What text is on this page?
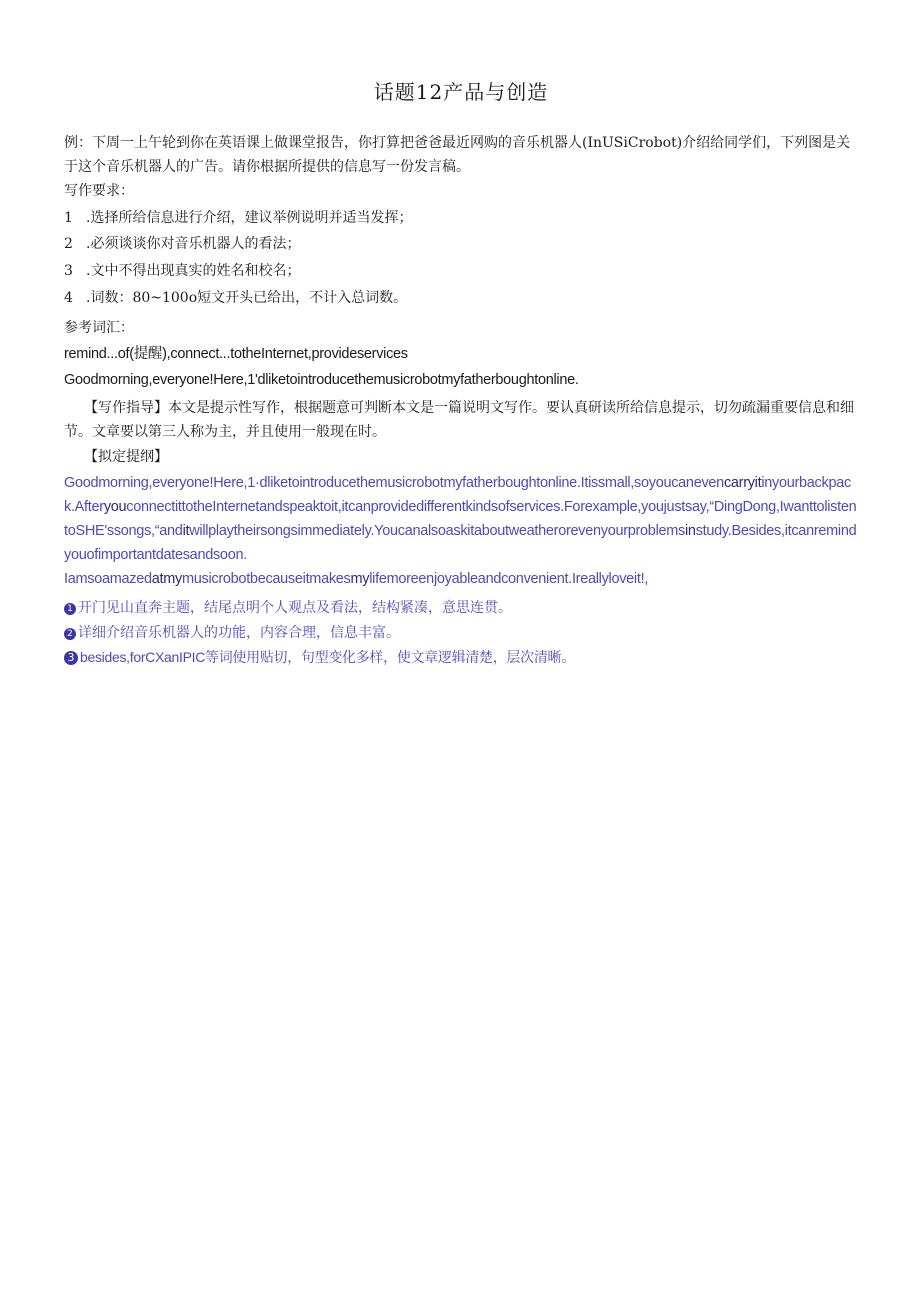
话题12产品与创造
例：下周一上午轮到你在英语课上做课堂报告，你打算把爸爸最近网购的音乐机器人(InUSiCrobot)介绍给同学们，下列图是关于这个音乐机器人的广告。请你根据所提供的信息写一份发言稿。
写作要求：
1 .选择所给信息进行介绍，建议举例说明并适当发挥；
2 .必须谈谈你对音乐机器人的看法；
3 .文中不得出现真实的姓名和校名；
4 .词数：80~100o短文开头已给出，不计入总词数。
参考词汇：
remind...of(提醒),connect...totheInternet,provideservices
Goodmorning,everyone!Here,1'dliketointroducethemusicrobotmyfatherboughtonline.
【写作指导】本文是提示性写作，根据题意可判断本文是一篇说明文写作。要认真研读所给信息提示，切勿疏漏重要信息和细节。文章要以第三人称为主，并且使用一般现在时。
【拟定提纲】
Goodmorning,everyone!Here,1·dliketointroducethemusicrobotmyfatherboughtonline.Itissmall,soyoucanevencarryitinyourbackpack.AfteryouconnectittotheInternetandspeaktoit,itcanprovidedifferentkindsofservices.Forexample,youjustsay,“DingDong,IwanttolistentoSHE'ssongs,“anditwillplaytheirsongsimmediately.Youcanalsoaskitaboutweatherorevenyourproblemsinstudy.Besides,itcanremindyouofimportantdatesandsoon.
Iamsoamazedatmymusicrobotbecauseitmakesmylifemoreenjoyableandconvenient.Ireallyloveit!,
1 开门见山直奔主题，结尾点明个人观点及看法，结构紧凑，意思连贯。
2 详细介绍音乐机器人的功能，内容合理，信息丰富。
3 besides,forCXanIPIC等词使用贴切，句型变化多样，使文章逻辑清楚，层次清晰。
